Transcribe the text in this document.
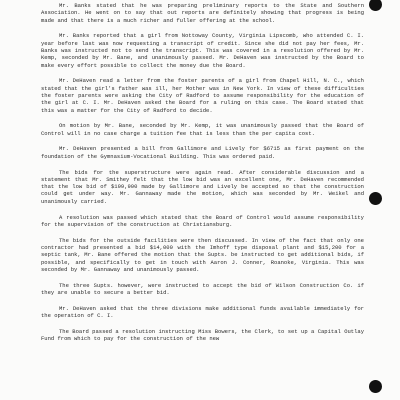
Mr. Banks stated that he was preparing preliminary reports to the State and Southern Association. He went on to say that out reports are definitely showing that progress is being made and that there is a much richer and fuller offering at the school.

Mr. Banks reported that a girl from Nottoway County, Virginia Lipscomb, who attended C. I. year before last was now requesting a transcript of credit. Since she did not pay her fees, Mr. Banks was instructed not to send the transcript. This was covered in a resolution offered by Mr. Kemp, seconded by Mr. Bane, and unanimously passed. Mr. DeHaven was instructed by the Board to make every effort possible to collect the money due the Board.

Mr. DeHaven read a letter from the foster parents of a girl from Chapel Hill, N. C., which stated that the girl's father was ill, her Mother was in New York. In view of these difficulties the foster parents were asking the City of Radford to assume responsibility for the education of the girl at C. I. Mr. DeHaven asked the Board for a ruling on this case. The Board stated that this was a matter for the City of Radford to decide.

On motion by Mr. Bane, seconded by Mr. Kemp, it was unanimously passed that the Board of Control will in no case charge a tuition fee that is less than the per capita cost.

Mr. DeHaven presented a bill from Gallimore and Lively for $6715 as first payment on the foundation of the Gymnasium-Vocational Building. This was ordered paid.

The bids for the superstructure were again read. After considerable discussion and a statement that Mr. Smithey felt that the low bid was an excellent one, Mr. DeHaven recommended that the low bid of $199,900 made by Gallimore and Lively be accepted so that the construction could get under way. Mr. Gannaway made the motion, which was seconded by Mr. Weikel and unanimously carried.

A resolution was passed which stated that the Board of Control would assume responsibility for the supervision of the construction at Christiansburg.

The bids for the outside facilities were then discussed. In view of the fact that only one contractor had presented a bid $14,000 with the Imhoff type disposal plant and $15,200 for a septic tank, Mr. Bane offered the motion that the Supts. be instructed to get additional bids, if possible, and specifically to get in touch with Aaron J. Conner, Roanoke, Virginia. This was seconded by Mr. Gannaway and unanimously passed.

The three Supts. however, were instructed to accept the bid of Wilson Construction Co. if they are unable to secure a better bid.

Mr. DeHaven asked that the three divisions make additional funds available immediately for the operation of C. I.

The Board passed a resolution instructing Miss Bowers, the Clerk, to set up a Capital Outlay Fund from which to pay for the construction of the new
